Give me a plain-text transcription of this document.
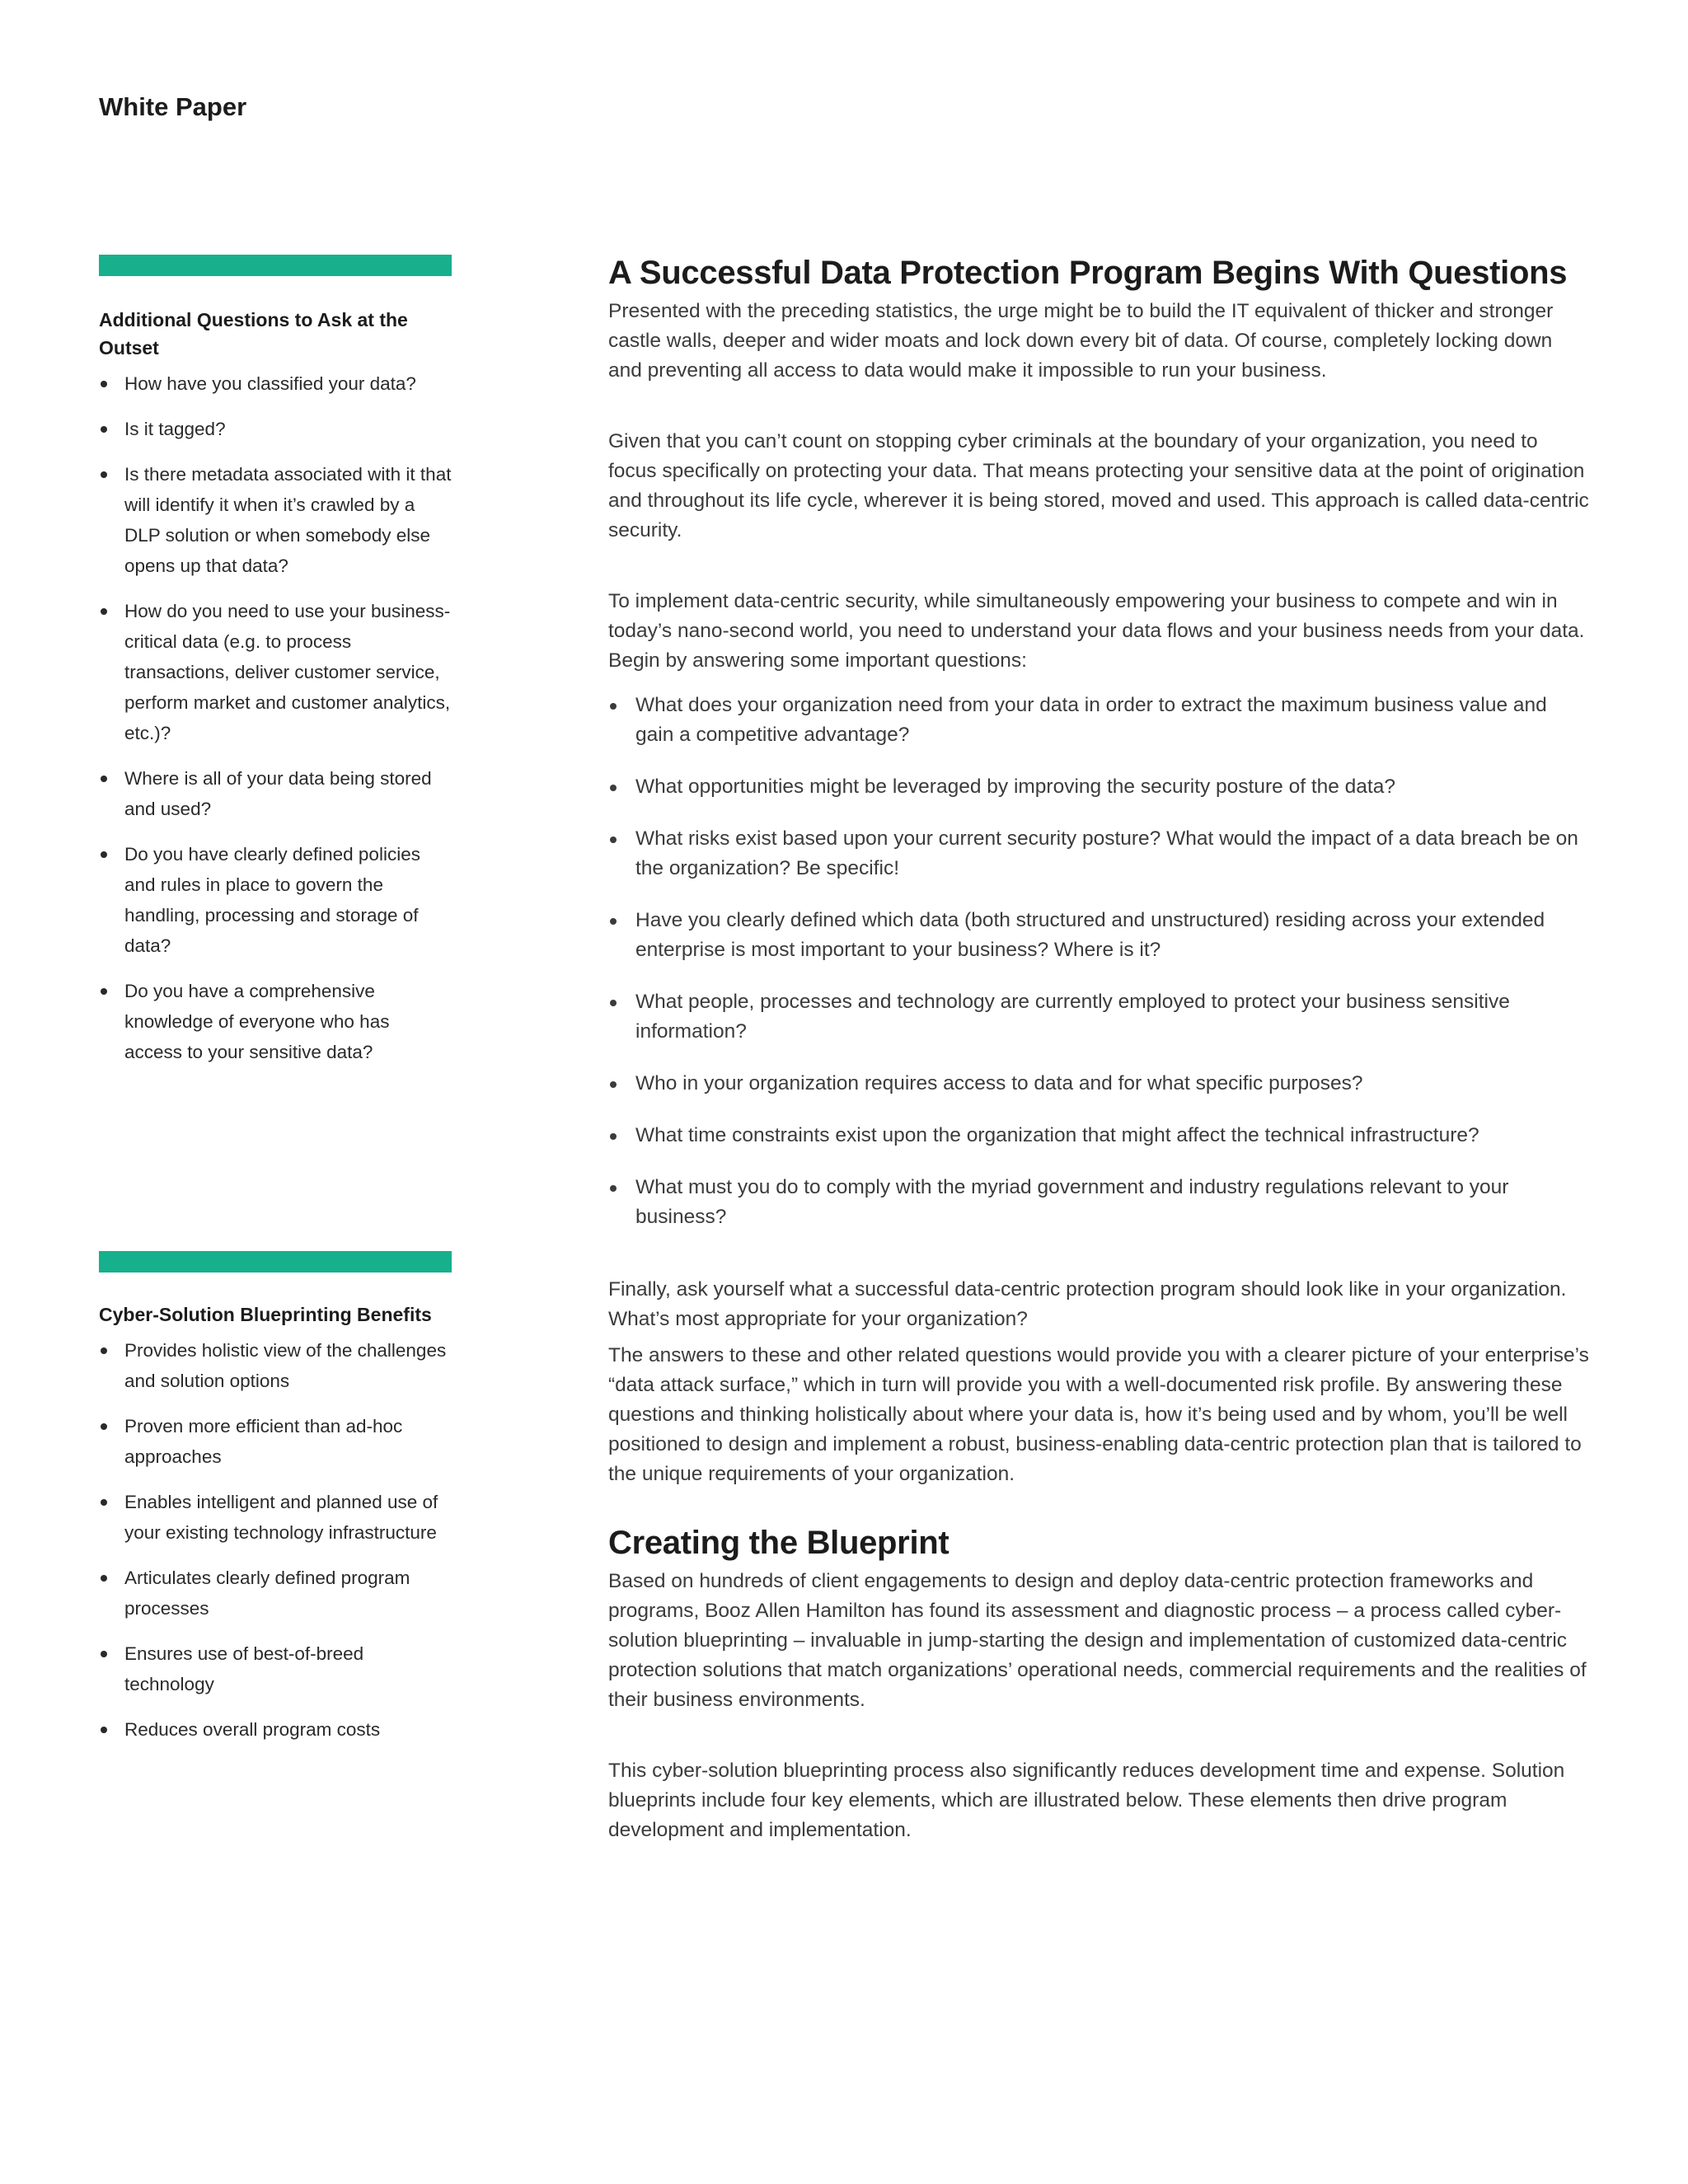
White Paper
Additional Questions to Ask at the Outset
How have you classified your data?
Is it tagged?
Is there metadata associated with it that will identify it when it’s crawled by a DLP solution or when somebody else opens up that data?
How do you need to use your business-critical data (e.g. to process transactions, deliver customer service, perform market and customer analytics, etc.)?
Where is all of your data being stored and used?
Do you have clearly defined policies and rules in place to govern the handling, processing and storage of data?
Do you have a comprehensive knowledge of everyone who has access to your sensitive data?
Cyber-Solution Blueprinting Benefits
Provides holistic view of the challenges and solution options
Proven more efficient than ad-hoc approaches
Enables intelligent and planned use of your existing technology infrastructure
Articulates clearly defined program processes
Ensures use of best-of-breed technology
Reduces overall program costs
A Successful Data Protection Program Begins With Questions

Presented with the preceding statistics, the urge might be to build the IT equivalent of thicker and stronger castle walls, deeper and wider moats and lock down every bit of data. Of course, completely locking down and preventing all access to data would make it impossible to run your business.

Given that you can’t count on stopping cyber criminals at the boundary of your organization, you need to focus specifically on protecting your data. That means protecting your sensitive data at the point of origination and throughout its life cycle, wherever it is being stored, moved and used. This approach is called data-centric security.

To implement data-centric security, while simultaneously empowering your business to compete and win in today’s nano-second world, you need to understand your data flows and your business needs from your data. Begin by answering some important questions:

What does your organization need from your data in order to extract the maximum business value and gain a competitive advantage?
What opportunities might be leveraged by improving the security posture of the data?
What risks exist based upon your current security posture? What would the impact of a data breach be on the organization? Be specific!
Have you clearly defined which data (both structured and unstructured) residing across your extended enterprise is most important to your business? Where is it?
What people, processes and technology are currently employed to protect your business sensitive information?
Who in your organization requires access to data and for what specific purposes?
What time constraints exist upon the organization that might affect the technical infrastructure?
What must you do to comply with the myriad government and industry regulations relevant to your business?

Finally, ask yourself what a successful data-centric protection program should look like in your organization. What’s most appropriate for your organization?

The answers to these and other related questions would provide you with a clearer picture of your enterprise’s “data attack surface,” which in turn will provide you with a well-documented risk profile. By answering these questions and thinking holistically about where your data is, how it’s being used and by whom, you’ll be well positioned to design and implement a robust, business-enabling data-centric protection plan that is tailored to the unique requirements of your organization.

Creating the Blueprint

Based on hundreds of client engagements to design and deploy data-centric protection frameworks and programs, Booz Allen Hamilton has found its assessment and diagnostic process – a process called cyber-solution blueprinting – invaluable in jump-starting the design and implementation of customized data-centric protection solutions that match organizations’ operational needs, commercial requirements and the realities of their business environments.

This cyber-solution blueprinting process also significantly reduces development time and expense. Solution blueprints include four key elements, which are illustrated below. These elements then drive program development and implementation.
